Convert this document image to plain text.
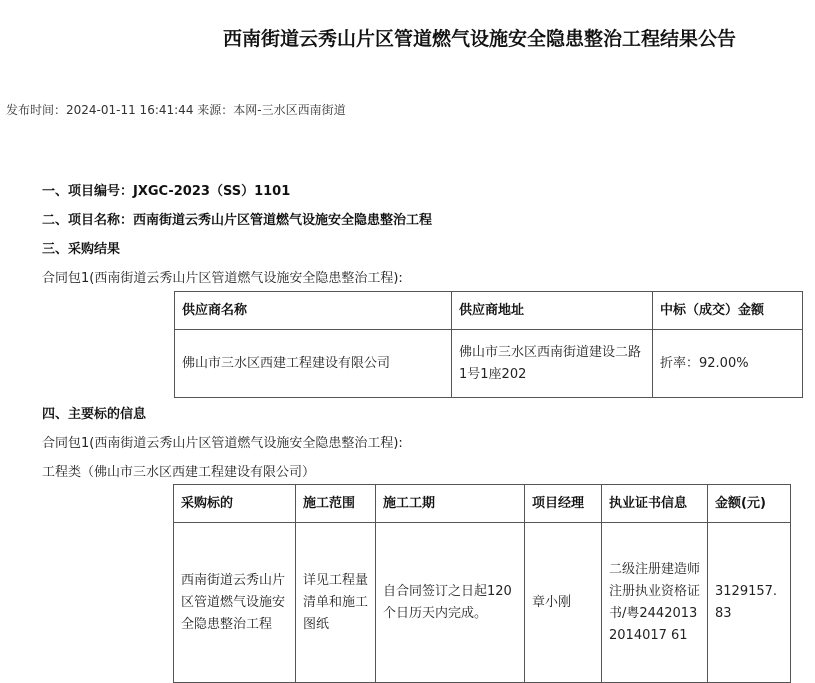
西南街道云秀山片区管道燃气设施安全隐患整治工程结果公告
发布时间：2024-01-11 16:41:44 来源：本网-三水区西南街道
一、项目编号：JXGC-2023（SS）1101
二、项目名称：西南街道云秀山片区管道燃气设施安全隐患整治工程
三、采购结果
合同包1(西南街道云秀山片区管道燃气设施安全隐患整治工程):
供应商名称	供应商地址	中标（成交）金额
佛山市三水区西建工程建设有限公司	佛山市三水区西南街道建设二路1号1座202	折率：92.00%
四、主要标的信息
合同包1(西南街道云秀山片区管道燃气设施安全隐患整治工程):
工程类（佛山市三水区西建工程建设有限公司）
采购标的	施工范围	施工工期	项目经理	执业证书信息	金额(元)
西南街道云秀山片区管道燃气设施安全隐患整治工程	详见工程量清单和施工图纸	自合同签订之日起120个日历天内完成。	章小刚	二级注册建造师注册执业资格证书/粤24420132014017 61	3129157.83
